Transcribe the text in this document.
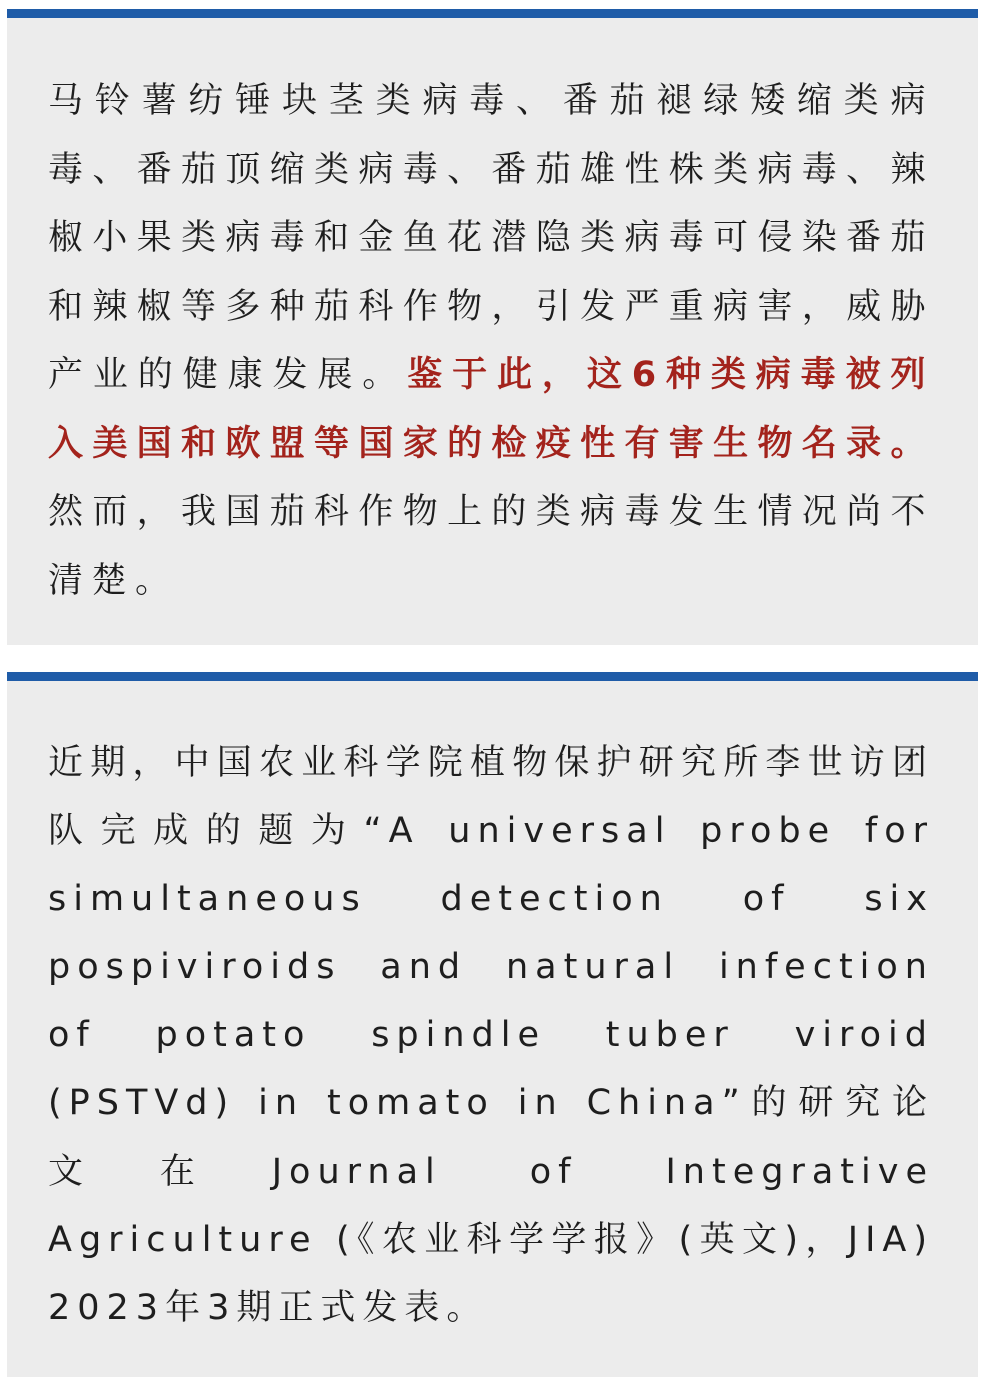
马铃薯纺锤块茎类病毒、番茄褪绿矮缩类病毒、番茄顶缩类病毒、番茄雄性株类病毒、辣椒小果类病毒和金鱼花潜隐类病毒可侵染番茄和辣椒等多种茄科作物，引发严重病害，威胁产业的健康发展。鉴于此，这6种类病毒被列入美国和欧盟等国家的检疫性有害生物名录。然而，我国茄科作物上的类病毒发生情况尚不清楚。

近期，中国农业科学院植物保护研究所李世访团队完成的题为“A universal probe for simultaneous detection of six pospiviroids and natural infection of potato spindle tuber viroid (PSTVd) in tomato in China”的研究论文在Journal of Integrative Agriculture (《农业科学学报》(英文)，JIA) 2023年3期正式发表。
